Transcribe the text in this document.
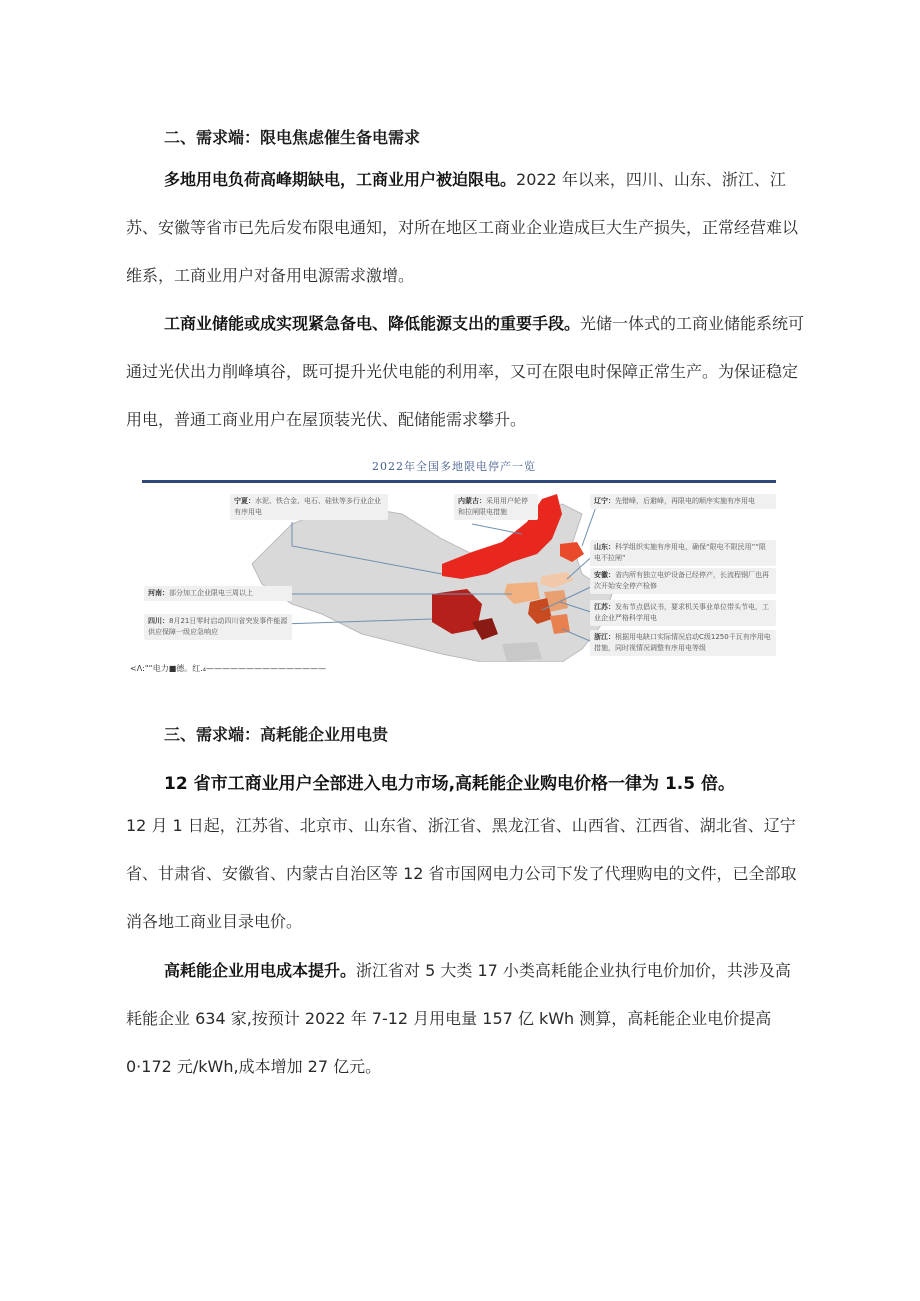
二、需求端：限电焦虑催生备电需求

多地用电负荷高峰期缺电，工商业用户被迫限电。2022 年以来，四川、山东、浙江、江苏、安徽等省市已先后发布限电通知，对所在地区工商业企业造成巨大生产损失，正常经营难以维系，工商业用户对备用电源需求激增。

工商业储能或成实现紧急备电、降低能源支出的重要手段。光储一体式的工商业储能系统可通过光伏出力削峰填谷，既可提升光伏电能的利用率，又可在限电时保障正常生产。为保证稳定用电，普通工商业用户在屋顶装光伏、配储能需求攀升。

2022年全国多地限电停产一览
宁夏：水泥、铁合金、电石、硅钛等多行业企业有序用电
内蒙古：采用用户轮停和拉闸限电措施
辽宁：先错峰，后避峰，再限电的顺序实施有序用电
山东：科学组织实施有序用电，确保“限电不限民用”“限电不拉闸”
安徽：省内所有独立电炉设备已经停产，长流程钢厂也再次开始安全停产检修
河南：部分加工企业限电三周以上
四川：8月21日零时启动四川省突发事件能源供应保障一级应急响应
江苏：发布节点倡议书，要求机关事业单位带头节电，工业企业严格科学用电
浙江：根据用电缺口实际情况启动C级1250千瓦有序用电措施，同时视情况调整有序用电等级
<Λ:"“电力■德。红.₄———————————————
三、需求端：高耗能企业用电贵
12 省市工商业用户全部进入电力市场,高耗能企业购电价格一律为 1.5 倍。

12 月 1 日起，江苏省、北京市、山东省、浙江省、黑龙江省、山西省、江西省、湖北省、辽宁省、甘肃省、安徽省、内蒙古自治区等 12 省市国网电力公司下发了代理购电的文件，已全部取消各地工商业目录电价。

高耗能企业用电成本提升。浙江省对 5 大类 17 小类高耗能企业执行电价加价，共涉及高耗能企业 634 家,按预计 2022 年 7-12 月用电量 157 亿 kWh 测算，高耗能企业电价提高 0·172 元/kWh,成本增加 27 亿元。
